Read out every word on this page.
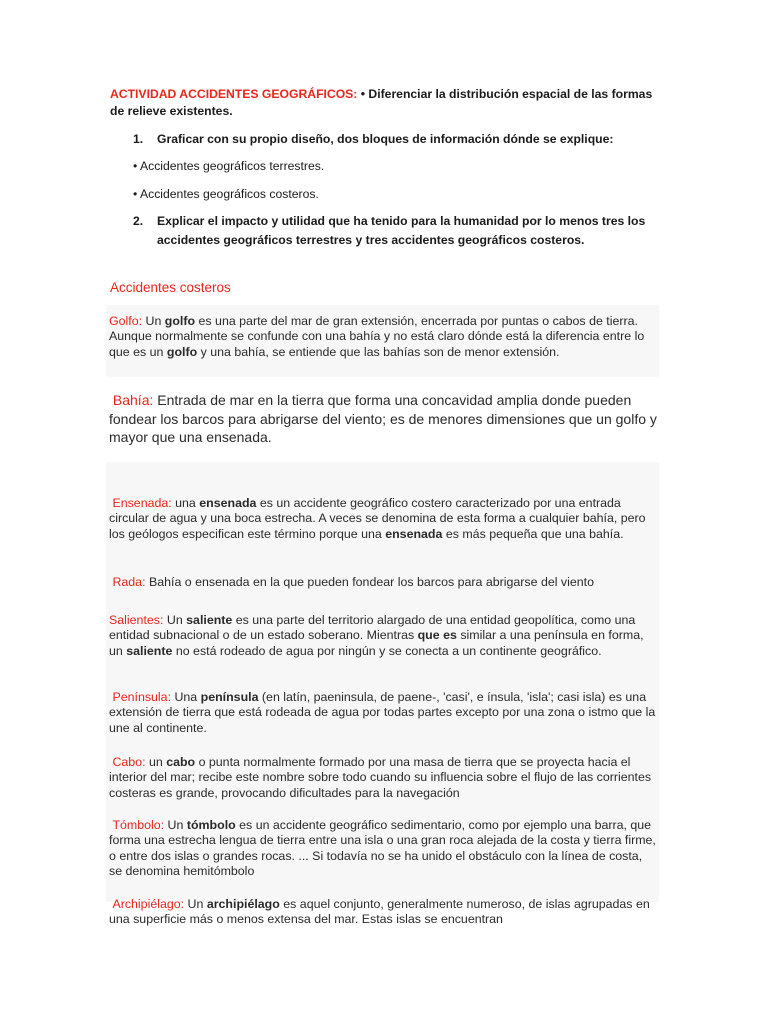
ACTIVIDAD ACCIDENTES GEOGRÁFICOS: • Diferenciar la distribución espacial de las formas de relieve existentes.
1.	Graficar con su propio diseño, dos bloques de información dónde se explique:
• Accidentes geográficos terrestres.
• Accidentes geográficos costeros.
2.	Explicar el impacto y utilidad que ha tenido para la humanidad por lo menos tres los accidentes geográficos terrestres y tres accidentes geográficos costeros.
Accidentes costeros
Golfo: Un golfo es una parte del mar de gran extensión, encerrada por puntas o cabos de tierra. Aunque normalmente se confunde con una bahía y no está claro dónde está la diferencia entre lo que es un golfo y una bahía, se entiende que las bahías son de menor extensión.
Bahía: Entrada de mar en la tierra que forma una concavidad amplia donde pueden fondear los barcos para abrigarse del viento; es de menores dimensiones que un golfo y mayor que una ensenada.
Ensenada: una ensenada es un accidente geográfico costero caracterizado por una entrada circular de agua y una boca estrecha. A veces se denomina de esta forma a cualquier bahía, pero los geólogos especifican este término porque una ensenada es más pequeña que una bahía.
Rada: Bahía o ensenada en la que pueden fondear los barcos para abrigarse del viento
Salientes: Un saliente es una parte del territorio alargado de una entidad geopolítica, como una entidad subnacional o de un estado soberano. Mientras que es similar a una península en forma, un saliente no está rodeado de agua por ningún y se conecta a un continente geográfico.
Península: Una península (en latín, paeninsula, de paene-, 'casi', e ínsula, 'isla'; casi isla) es una extensión de tierra que está rodeada de agua por todas partes excepto por una zona o istmo que la une al continente.
Cabo: un cabo o punta normalmente formado por una masa de tierra que se proyecta hacia el interior del mar; recibe este nombre sobre todo cuando su influencia sobre el flujo de las corrientes costeras es grande, provocando dificultades para la navegación
Tómbolo: Un tómbolo es un accidente geográfico sedimentario, como por ejemplo una barra, que forma una estrecha lengua de tierra entre una isla o una gran roca alejada de la costa y tierra firme, o entre dos islas o grandes rocas. ... Si todavía no se ha unido el obstáculo con la línea de costa, se denomina hemitómbolo
Archipiélago: Un archipiélago es aquel conjunto, generalmente numeroso, de islas agrupadas en una superficie más o menos extensa del mar. Estas islas se encuentran
